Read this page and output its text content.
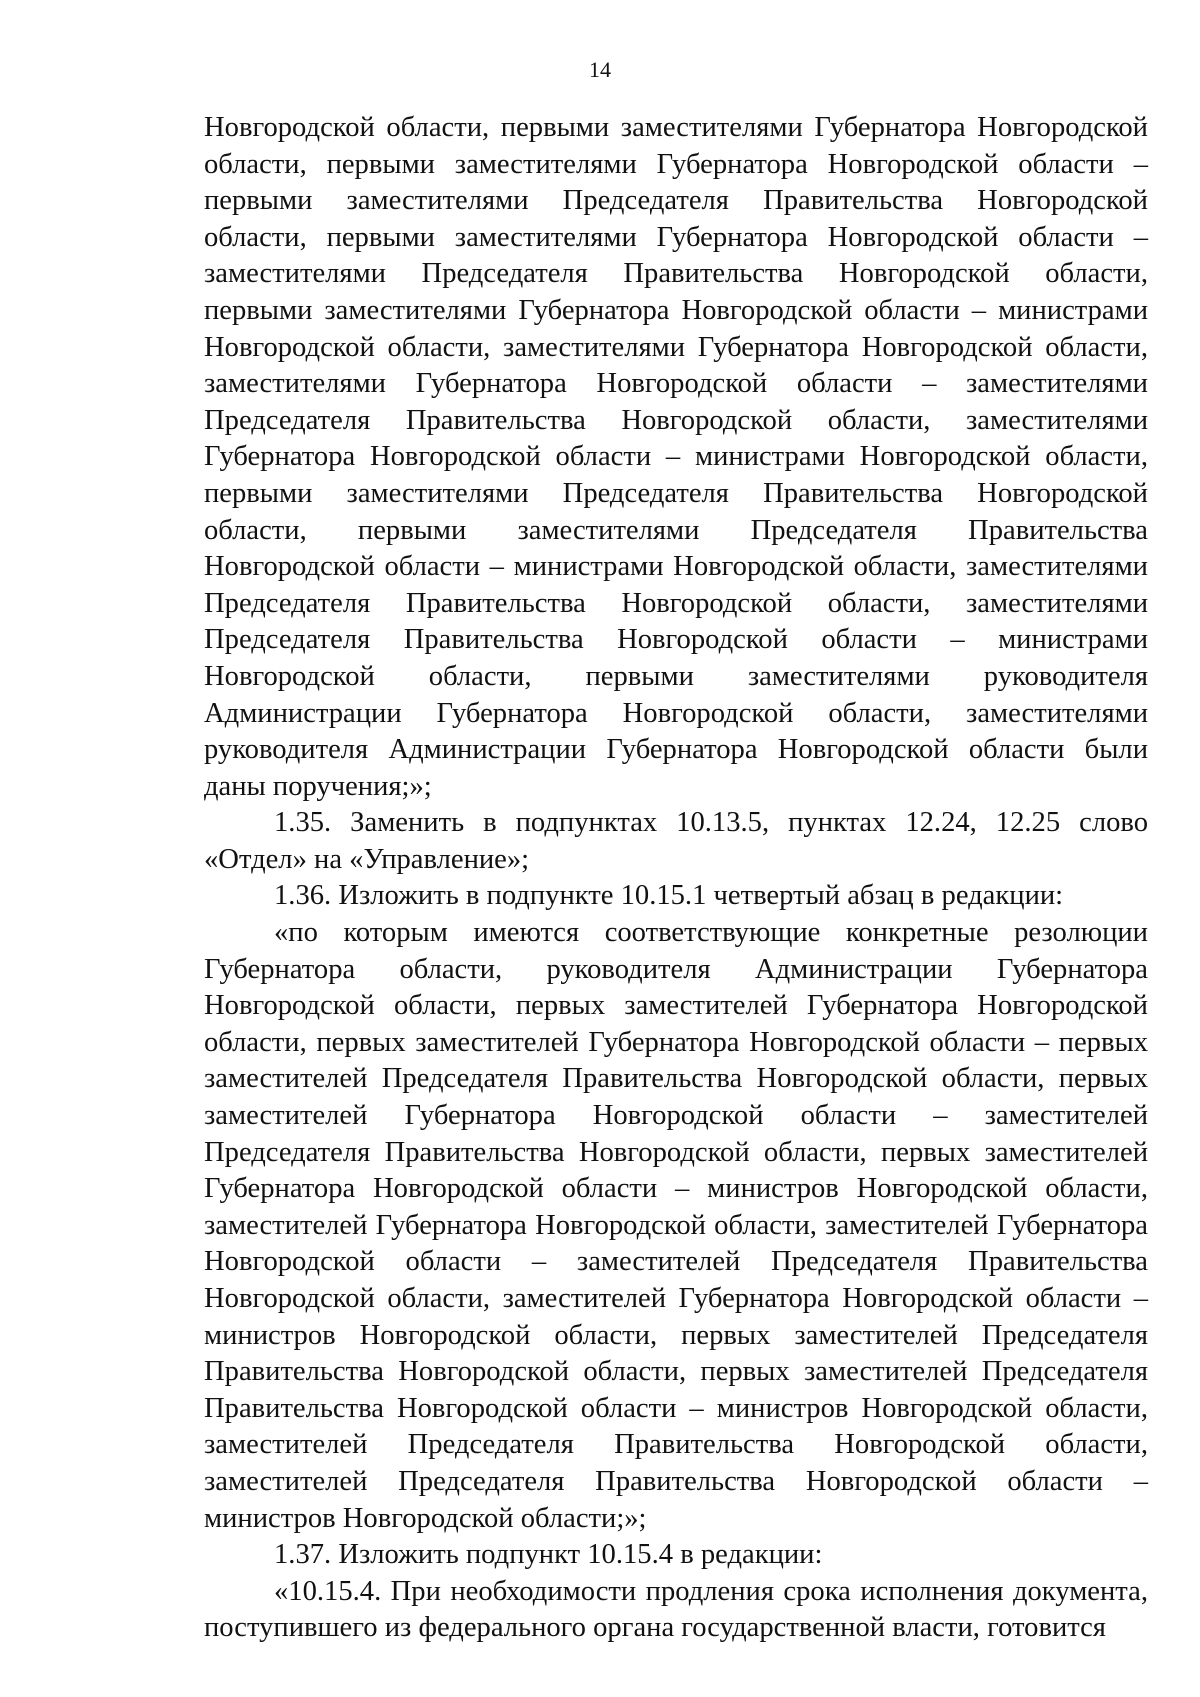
14

Новгородской области, первыми заместителями Губернатора Новгородской области, первыми заместителями Губернатора Новгородской области – первыми заместителями Председателя Правительства Новгородской области, первыми заместителями Губернатора Новгородской области – заместителями Председателя Правительства Новгородской области, первыми заместителями Губернатора Новгородской области – министрами Новгородской области, заместителями Губернатора Новгородской области, заместителями Губернатора Новгородской области – заместителями Председателя Правительства Новгородской области, заместителями Губернатора Новгородской области – министрами Новгородской области, первыми заместителями Председателя Правительства Новгородской области, первыми заместителями Председателя Правительства Новгородской области – министрами Новгородской области, заместителями Председателя Правительства Новгородской области, заместителями Председателя Правительства Новгородской области – министрами Новгородской области, первыми заместителями руководителя Администрации Губернатора Новгородской области, заместителями руководителя Администрации Губернатора Новгородской области были даны поручения;»;

1.35. Заменить в подпунктах 10.13.5, пунктах 12.24, 12.25 слово «Отдел» на «Управление»;

1.36. Изложить в подпункте 10.15.1 четвертый абзац в редакции:

«по которым имеются соответствующие конкретные резолюции Губернатора области, руководителя Администрации Губернатора Новгородской области, первых заместителей Губернатора Новгородской области, первых заместителей Губернатора Новгородской области – первых заместителей Председателя Правительства Новгородской области, первых заместителей Губернатора Новгородской области – заместителей Председателя Правительства Новгородской области, первых заместителей Губернатора Новгородской области – министров Новгородской области, заместителей Губернатора Новгородской области, заместителей Губернатора Новгородской области – заместителей Председателя Правительства Новгородской области, заместителей Губернатора Новгородской области – министров Новгородской области, первых заместителей Председателя Правительства Новгородской области, первых заместителей Председателя Правительства Новгородской области – министров Новгородской области, заместителей Председателя Правительства Новгородской области, заместителей Председателя Правительства Новгородской области – министров Новгородской области;»;

1.37. Изложить подпункт 10.15.4 в редакции:

«10.15.4. При необходимости продления срока исполнения документа, поступившего из федерального органа государственной власти, готовится
